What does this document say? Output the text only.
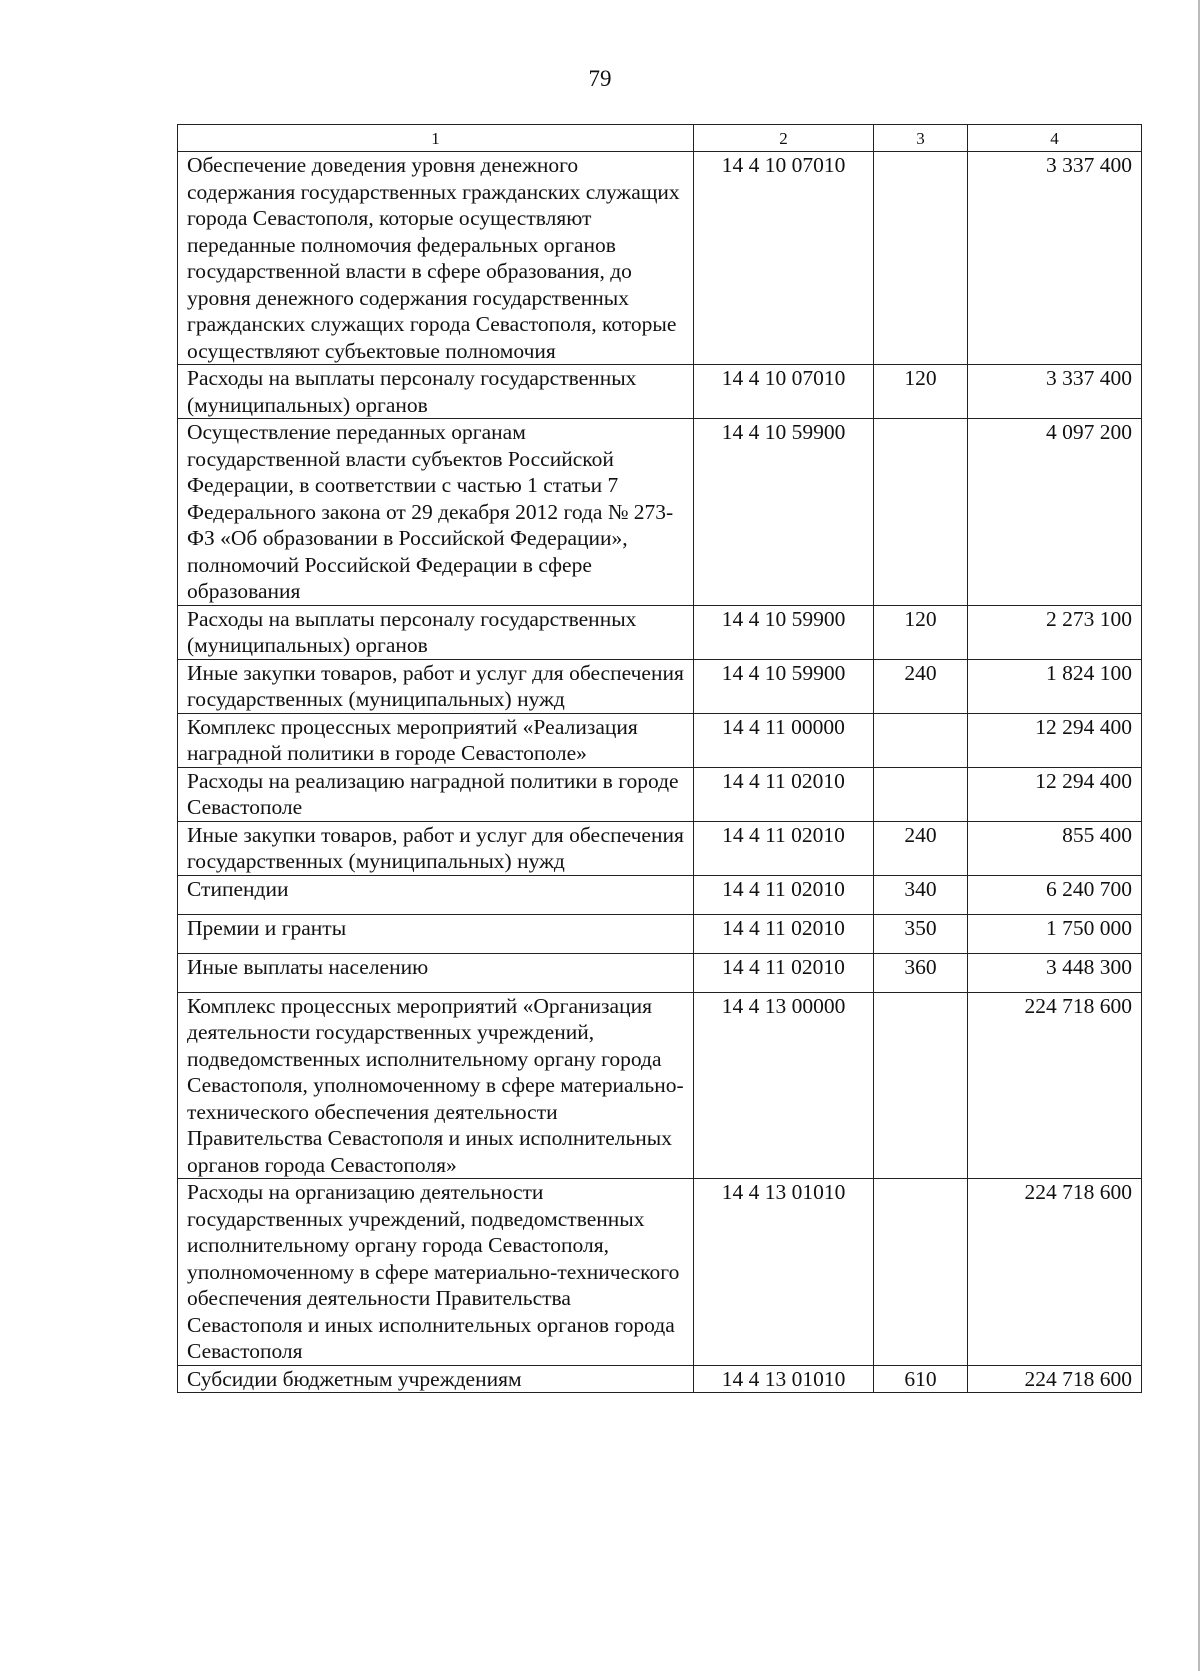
79
1	2	3	4
Обеспечение доведения уровня денежного содержания государственных гражданских служащих города Севастополя, которые осуществляют переданные полномочия федеральных органов государственной власти в сфере образования, до уровня денежного содержания государственных гражданских служащих города Севастополя, которые осуществляют субъектовые полномочия	14 4 10 07010		3 337 400
Расходы на выплаты персоналу государственных (муниципальных) органов	14 4 10 07010	120	3 337 400
Осуществление переданных органам государственной власти субъектов Российской Федерации, в соответствии с частью 1 статьи 7 Федерального закона от 29 декабря 2012 года № 273-ФЗ «Об образовании в Российской Федерации», полномочий Российской Федерации в сфере образования	14 4 10 59900		4 097 200
Расходы на выплаты персоналу государственных (муниципальных) органов	14 4 10 59900	120	2 273 100
Иные закупки товаров, работ и услуг для обеспечения государственных (муниципальных) нужд	14 4 10 59900	240	1 824 100
Комплекс процессных мероприятий «Реализация наградной политики в городе Севастополе»	14 4 11 00000		12 294 400
Расходы на реализацию наградной политики в городе Севастополе	14 4 11 02010		12 294 400
Иные закупки товаров, работ и услуг для обеспечения государственных (муниципальных) нужд	14 4 11 02010	240	855 400
Стипендии	14 4 11 02010	340	6 240 700
Премии и гранты	14 4 11 02010	350	1 750 000
Иные выплаты населению	14 4 11 02010	360	3 448 300
Комплекс процессных мероприятий «Организация деятельности государственных учреждений, подведомственных исполнительному органу города Севастополя, уполномоченному в сфере материально-технического обеспечения деятельности Правительства Севастополя и иных исполнительных органов города Севастополя»	14 4 13 00000		224 718 600
Расходы на организацию деятельности государственных учреждений, подведомственных исполнительному органу города Севастополя, уполномоченному в сфере материально-технического обеспечения деятельности Правительства Севастополя и иных исполнительных органов города Севастополя	14 4 13 01010		224 718 600
Субсидии бюджетным учреждениям	14 4 13 01010	610	224 718 600
